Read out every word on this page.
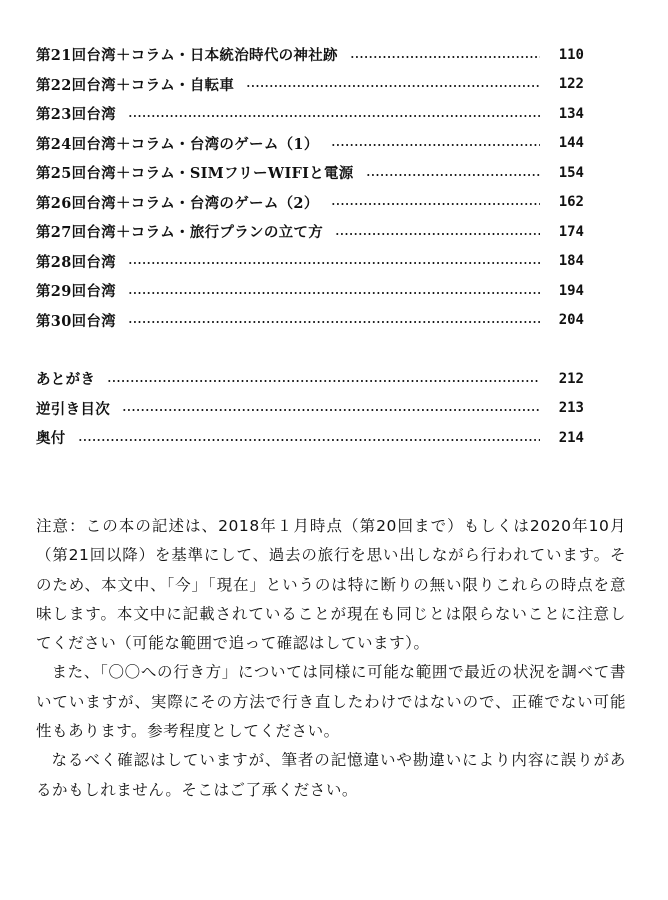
第21回台湾＋コラム・日本統治時代の神社跡	110
第22回台湾＋コラム・自転車	122
第23回台湾	134
第24回台湾＋コラム・台湾のゲーム（1）	144
第25回台湾＋コラム・SIMフリーWIFIと電源	154
第26回台湾＋コラム・台湾のゲーム（2）	162
第27回台湾＋コラム・旅行プランの立て方	174
第28回台湾	184
第29回台湾	194
第30回台湾	204
あとがき	212
逆引き目次	213
奥付	214

注意：この本の記述は、2018年１月時点（第20回まで）もしくは2020年10月（第21回以降）を基準にして、過去の旅行を思い出しながら行われています。そのため、本文中、「今」「現在」というのは特に断りの無い限りこれらの時点を意味します。本文中に記載されていることが現在も同じとは限らないことに注意してください（可能な範囲で追って確認はしています）。

また、「〇〇への行き方」については同様に可能な範囲で最近の状況を調べて書いていますが、実際にその方法で行き直したわけではないので、正確でない可能性もあります。参考程度としてください。

なるべく確認はしていますが、筆者の記憶違いや勘違いにより内容に誤りがあるかもしれません。そこはご了承ください。
